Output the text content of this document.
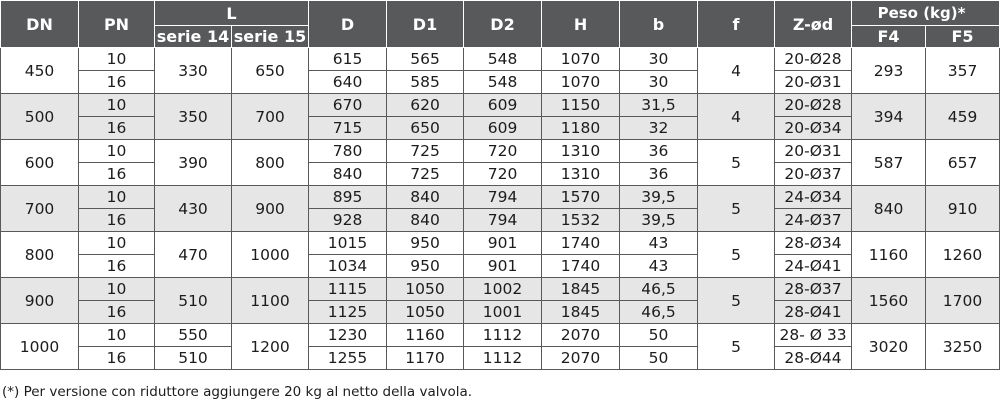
DN	PN	L		D	D1	D2	H	b	f	Z-ød	Peso (kg)*	
		serie 14	serie 15								F4	F5
450	10	330	650	615	565	548	1070	30	4	20-Ø28	293	357
	16			640	585	548	1070	30		20-Ø31		
500	10	350	700	670	620	609	1150	31,5	4	20-Ø28	394	459
	16			715	650	609	1180	32		20-Ø34		
600	10	390	800	780	725	720	1310	36	5	20-Ø31	587	657
	16			840	725	720	1310	36		20-Ø37		
700	10	430	900	895	840	794	1570	39,5	5	24-Ø34	840	910
	16			928	840	794	1532	39,5		24-Ø37		
800	10	470	1000	1015	950	901	1740	43	5	28-Ø34	1160	1260
	16			1034	950	901	1740	43		24-Ø41		
900	10	510	1100	1115	1050	1002	1845	46,5	5	28-Ø37	1560	1700
	16			1125	1050	1001	1845	46,5		28-Ø41		
1000	10	550	1200	1230	1160	1112	2070	50	5	28- Ø 33	3020	3250
	16	510		1255	1170	1112	2070	50		28-Ø44		
(*) Per versione con riduttore aggiungere 20 kg al netto della valvola.
